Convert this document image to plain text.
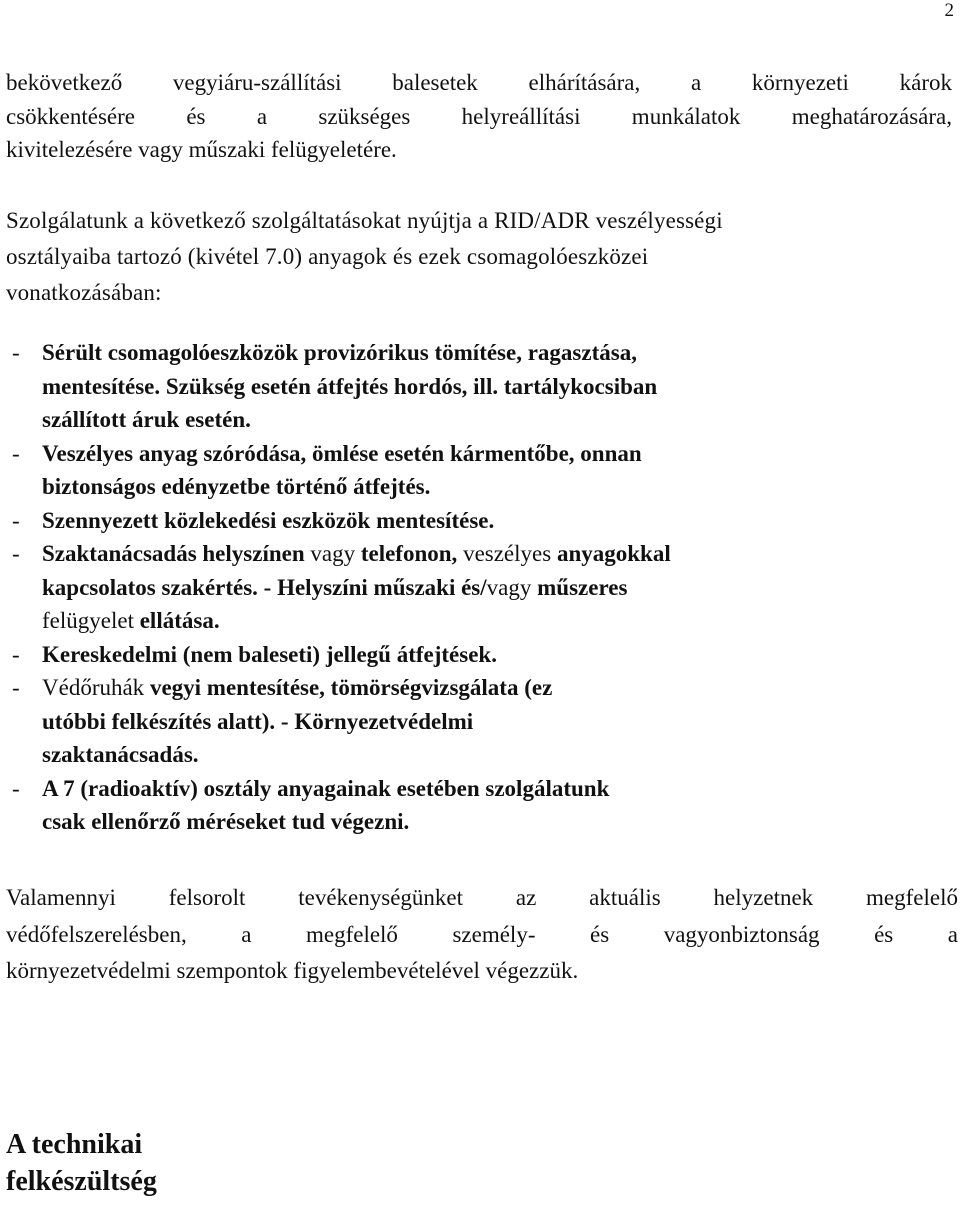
2

bekövetkező vegyiáru-szállítási balesetek elhárítására, a környezeti károk
csökkentésére és a szükséges helyreállítási munkálatok meghatározására,
kivitelezésére vagy műszaki felügyeletére.

Szolgálatunk a következő szolgáltatásokat nyújtja a RID/ADR veszélyességi
osztályaiba tartozó (kivétel 7.0) anyagok és ezek csomagolóeszközei
vonatkozásában:

- Sérült csomagolóeszközök provizórikus tömítése, ragasztása,
mentesítése. Szükség esetén átfejtés hordós, ill. tartálykocsiban
szállított áruk esetén.
- Veszélyes anyag szóródása, ömlése esetén kármentőbe, onnan
biztonságos edényzetbe történő átfejtés.
- Szennyezett közlekedési eszközök mentesítése.
- Szaktanácsadás helyszínen vagy telefonon, veszélyes anyagokkal
kapcsolatos szakértés. - Helyszíni műszaki és/vagy műszeres
felügyelet ellátása.
- Kereskedelmi (nem baleseti) jellegű átfejtések.
- Védőruhák vegyi mentesítése, tömörségvizsgálata (ez
utóbbi felkészítés alatt). - Környezetvédelmi
szaktanácsadás.
- A 7 (radioaktív) osztály anyagainak esetében szolgálatunk
csak ellenőrző méréseket tud végezni.

Valamennyi felsorolt tevékenységünket az aktuális helyzetnek megfelelő
védőfelszerelésben, a megfelelő személy- és vagyonbiztonság és a
környezetvédelmi szempontok figyelembevételével végezzük.

A technikai
felkészültség
